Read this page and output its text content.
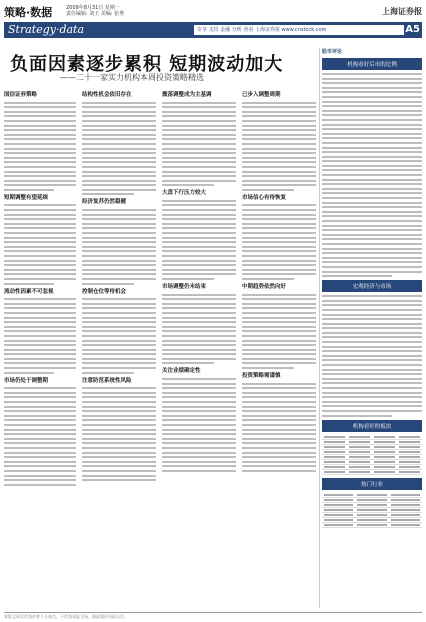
策略·数据	2009年8月31日 星期一
责任编辑: 刘玉 美编: 张秀	上海证券报
Strategy·data	专享 支持 金融 分析 查看 上海证券报 www.cnstock.com	A5
负面因素逐步累积 短期波动加大
——二十一家实力机构本周投资策略精选
国信证券策略
短期调整有望延续
流动性因素不可忽视
市场仍处于调整期
结构性机会依旧存在
经济复苏仍然稳健
控制仓位等待机会
注意防范系统性风险
震荡调整成为主基调
大盘下行压力较大
市场调整仍未结束
关注业绩确定性
已步入调整周期
市场信心有待恢复
中期趋势依然向好
投资策略需谨慎
股市评论
机构看好后市的比例
宏观经济与市场
机构看好的板块

热门行业

本版文章仅代表作者个人观点，不代表本报立场，据此操作风险自负。
